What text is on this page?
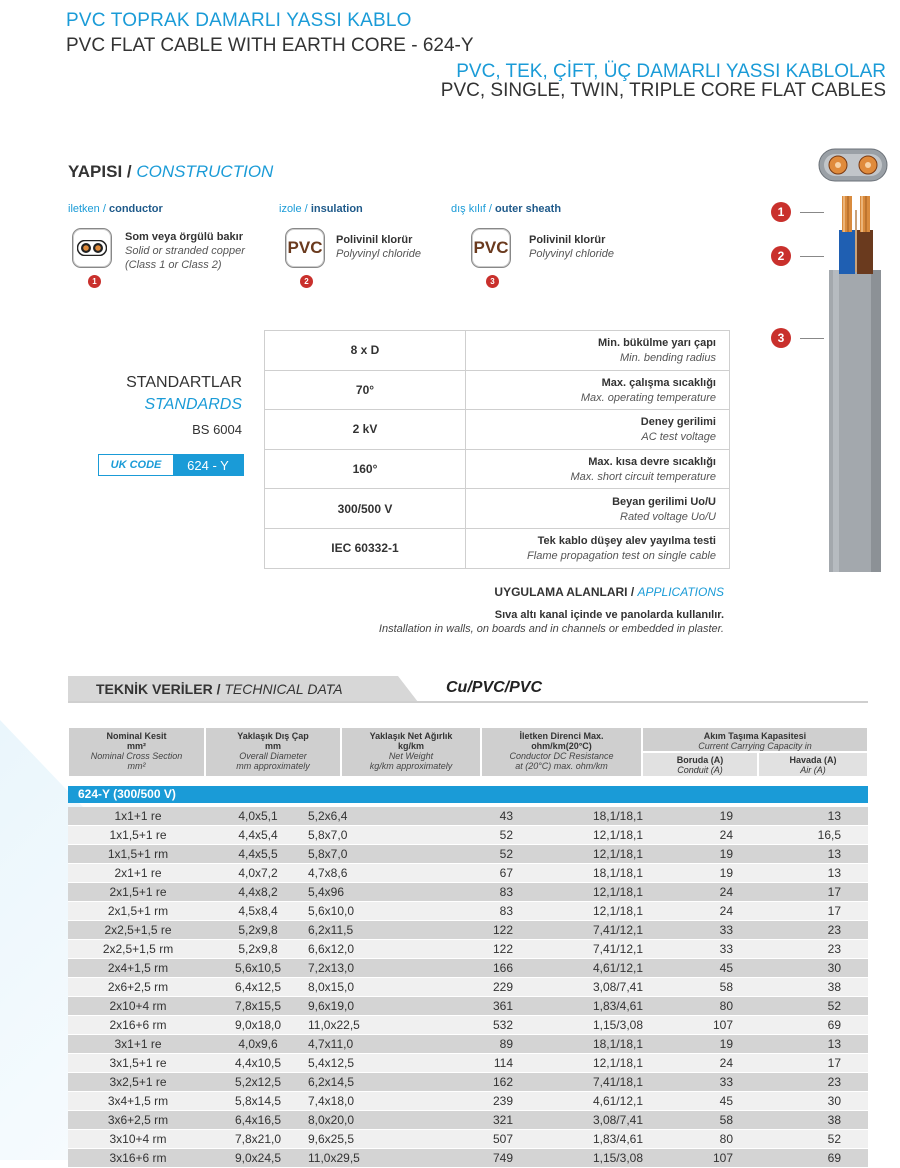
PVC TOPRAK DAMARLI YASSI KABLO
PVC FLAT CABLE WITH EARTH CORE - 624-Y
PVC, TEK, ÇİFT, ÜÇ DAMARLI YASSI KABLOLAR
PVC, SINGLE, TWIN, TRIPLE CORE FLAT CABLES
YAPISI / CONSTRUCTION
iletken / conductor
1
Som veya örgülü bakır
Solid or stranded copper
(Class 1 or Class 2)
izole / insulation
PVC
2
Polivinil klorür
Polyvinyl chloride
dış kılıf / outer sheath
PVC
3
Polivinil klorür
Polyvinyl chloride
1
2
3
STANDARTLAR
STANDARDS
BS 6004
UK CODE	624 - Y
8 x D	Min. bükülme yarı çapı
Min. bending radius
70°	Max. çalışma sıcaklığı
Max. operating temperature
2 kV	Deney gerilimi
AC test voltage
160°	Max. kısa devre sıcaklığı
Max. short circuit temperature
300/500 V	Beyan gerilimi Uo/U
Rated voltage Uo/U
IEC 60332-1	Tek kablo düşey alev yayılma testi
Flame propagation test on single cable
UYGULAMA ALANLARI / APPLICATIONS
Sıva altı kanal içinde ve panolarda kullanılır.
Installation in walls, on boards and in channels or embedded in plaster.
TEKNİK VERİLER / TECHNICAL DATA	Cu/PVC/PVC
Nominal Kesit
mm²
Nominal Cross Section
mm²
Yaklaşık Dış Çap
mm
Overall Diameter
mm approximately
Yaklaşık Net Ağırlık
kg/km
Net Weight
kg/km approximately
İletken Direnci Max.
ohm/km(20°C)
Conductor DC Resistance
at (20°C) max. ohm/km
Akım Taşıma Kapasitesi
Current Carrying Capacity in
Boruda (A)
Conduit (A)
Havada (A)
Air (A)
624-Y (300/500 V)
1x1+1 re	4,0x5,1	5,2x6,4	43	18,1/18,1	19	13
1x1,5+1 re	4,4x5,4	5,8x7,0	52	12,1/18,1	24	16,5
1x1,5+1 rm	4,4x5,5	5,8x7,0	52	12,1/18,1	19	13
2x1+1 re	4,0x7,2	4,7x8,6	67	18,1/18,1	19	13
2x1,5+1 re	4,4x8,2	5,4x96	83	12,1/18,1	24	17
2x1,5+1 rm	4,5x8,4	5,6x10,0	83	12,1/18,1	24	17
2x2,5+1,5 re	5,2x9,8	6,2x11,5	122	7,41/12,1	33	23
2x2,5+1,5 rm	5,2x9,8	6,6x12,0	122	7,41/12,1	33	23
2x4+1,5 rm	5,6x10,5	7,2x13,0	166	4,61/12,1	45	30
2x6+2,5 rm	6,4x12,5	8,0x15,0	229	3,08/7,41	58	38
2x10+4 rm	7,8x15,5	9,6x19,0	361	1,83/4,61	80	52
2x16+6 rm	9,0x18,0	11,0x22,5	532	1,15/3,08	107	69
3x1+1 re	4,0x9,6	4,7x11,0	89	18,1/18,1	19	13
3x1,5+1 re	4,4x10,5	5,4x12,5	114	12,1/18,1	24	17
3x2,5+1 re	5,2x12,5	6,2x14,5	162	7,41/18,1	33	23
3x4+1,5 rm	5,8x14,5	7,4x18,0	239	4,61/12,1	45	30
3x6+2,5 rm	6,4x16,5	8,0x20,0	321	3,08/7,41	58	38
3x10+4 rm	7,8x21,0	9,6x25,5	507	1,83/4,61	80	52
3x16+6 rm	9,0x24,5	11,0x29,5	749	1,15/3,08	107	69
